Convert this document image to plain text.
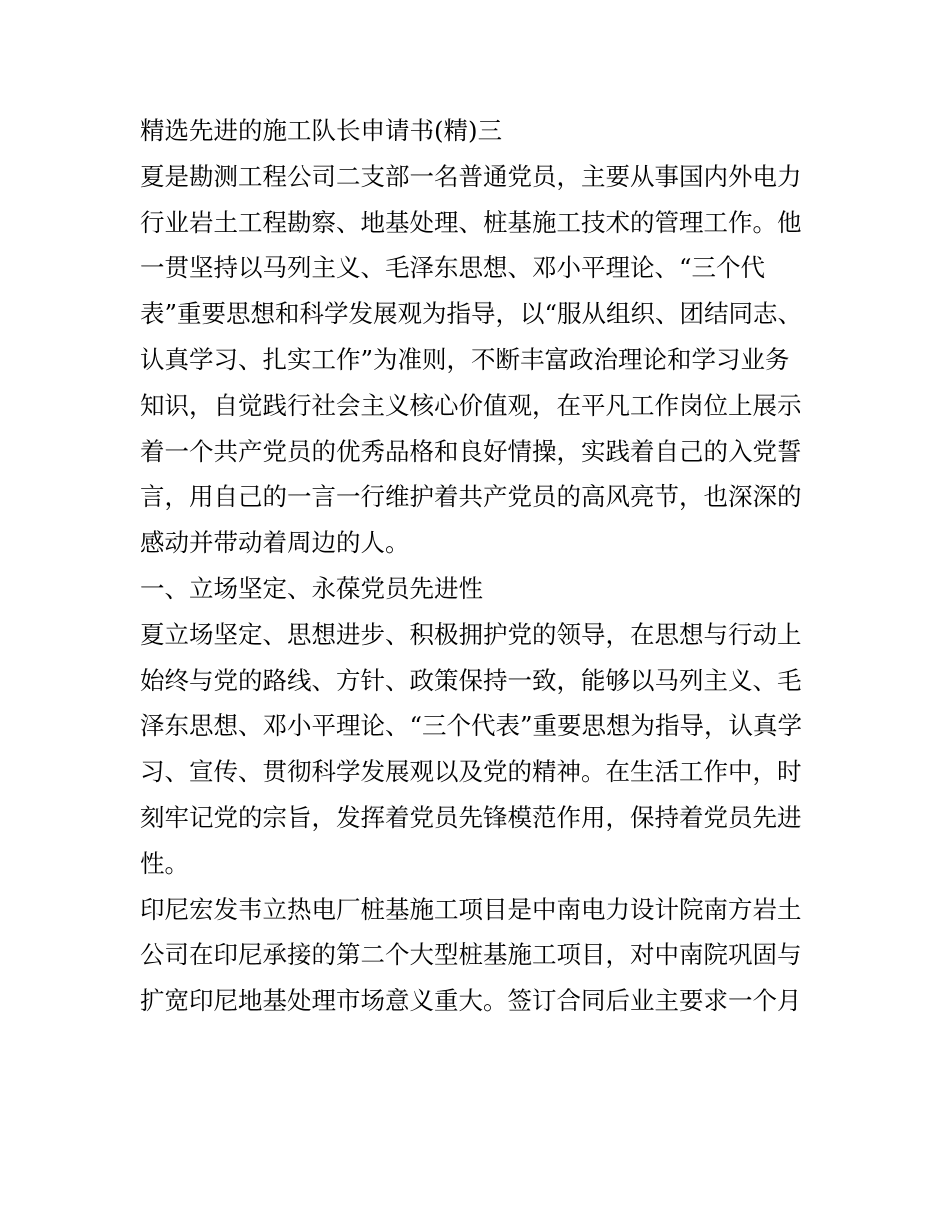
精选先进的施工队长申请书(精)三
夏是勘测工程公司二支部一名普通党员，主要从事国内外电力
行业岩土工程勘察、地基处理、桩基施工技术的管理工作。他
一贯坚持以马列主义、毛泽东思想、邓小平理论、“三个代
表”重要思想和科学发展观为指导，以“服从组织、团结同志、
认真学习、扎实工作”为准则，不断丰富政治理论和学习业务
知识，自觉践行社会主义核心价值观，在平凡工作岗位上展示
着一个共产党员的优秀品格和良好情操，实践着自己的入党誓
言，用自己的一言一行维护着共产党员的高风亮节，也深深的
感动并带动着周边的人。
一、立场坚定、永葆党员先进性
夏立场坚定、思想进步、积极拥护党的领导，在思想与行动上
始终与党的路线、方针、政策保持一致，能够以马列主义、毛
泽东思想、邓小平理论、“三个代表”重要思想为指导，认真学
习、宣传、贯彻科学发展观以及党的精神。在生活工作中，时
刻牢记党的宗旨，发挥着党员先锋模范作用，保持着党员先进
性。
印尼宏发韦立热电厂桩基施工项目是中南电力设计院南方岩土
公司在印尼承接的第二个大型桩基施工项目，对中南院巩固与
扩宽印尼地基处理市场意义重大。签订合同后业主要求一个月
